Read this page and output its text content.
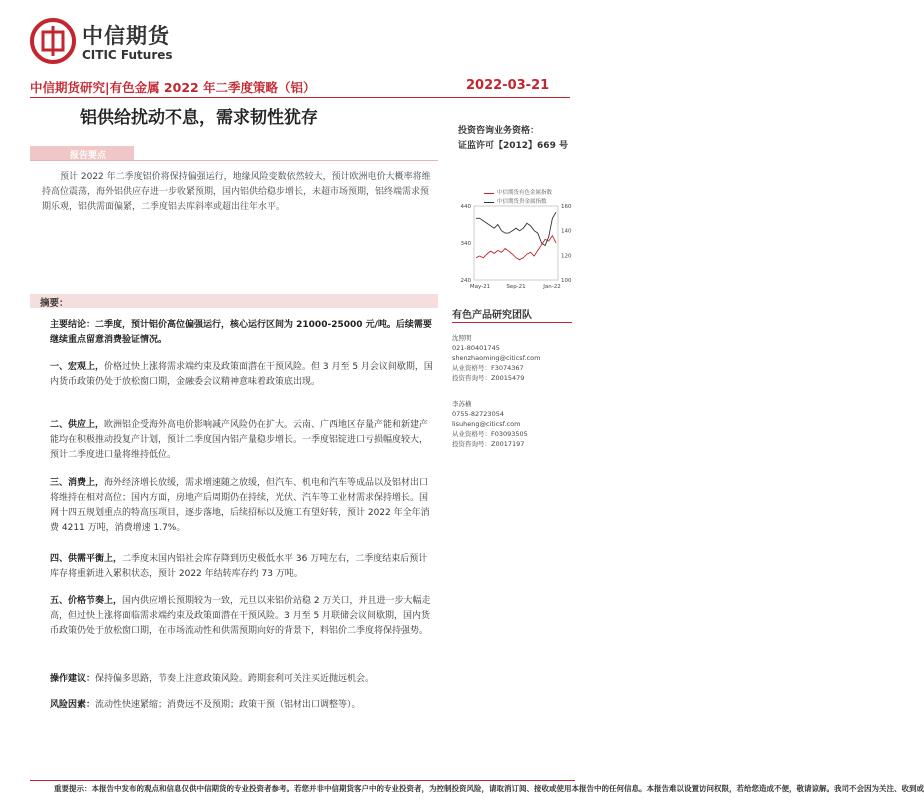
中信期货
CITIC Futures
中信期货研究|有色金属 2022 年二季度策略（铝）	2022-03-21
铝供给扰动不息，需求韧性犹存
投资咨询业务资格：
证监许可【2012】669 号
报告要点
预计 2022 年二季度铝价将保持偏强运行，地缘风险变数依然较大，预计欧洲电价大概率将维持高位震荡，海外铝供应存进一步收紧预期，国内铝供给稳步增长，未超市场预期，铝终端需求预期乐观，铝供需面偏紧，二季度铝去库斜率或超出往年水平。
240
340
440
100
120
140
160
May-21	Sep-21	Jan-22
中信期货有色金属指数
中信期货贵金属指数
有色产品研究团队
沈照明
021-80401745
shenzhaoming@citicsf.com
从业资格号：F3074367
投资咨询号：Z0015479
李苏横
0755-82723054
lisuheng@citicsf.com
从业资格号：F03093505
投资咨询号：Z0017197
摘要：
主要结论：二季度，预计铝价高位偏强运行，核心运行区间为 21000-25000 元/吨。后续需要继续重点留意消费验证情况。
一、宏观上，价格过快上涨将需求端约束及政策面潜在干预风险。但 3 月至 5 月会议间歇期，国内货币政策仍处于放松窗口期，金融委会议精神意味着政策底出现。
二、供应上，欧洲铝企受海外高电价影响减产风险仍在扩大。云南、广西地区存量产能和新建产能均在积极推动投复产计划，预计二季度国内铝产量稳步增长。一季度铝锭进口亏损幅度较大，预计二季度进口量将维持低位。
三、消费上，海外经济增长放缓，需求增速随之放缓，但汽车、机电和汽车等成品以及铝材出口将维持在相对高位；国内方面，房地产后周期仍在持续，光伏、汽车等工业材需求保持增长。国网十四五规划重点的特高压项目，逐步落地，后续招标以及施工有望好转，预计 2022 年全年消费 4211 万吨，消费增速 1.7%。
四、供需平衡上，二季度末国内铝社会库存降到历史极低水平 36 万吨左右，二季度结束后预计库存将重新进入累积状态，预计 2022 年结转库存约 73 万吨。
五、价格节奏上，国内供应增长预期较为一致，元旦以来铝价站稳 2 万关口，并且进一步大幅走高，但过快上涨将面临需求端约束及政策面潜在干预风险。3 月至 5 月联储会议间歇期，国内货币政策仍处于放松窗口期，在市场流动性和供需预期向好的背景下，料铝价二季度将保持强势。
操作建议：保持偏多思路，节奏上注意政策风险。跨期套利可关注买近抛远机会。
风险因素：流动性快速紧缩；消费远不及预期；政策干预（铝材出口调整等）。
重要提示：本报告中发布的观点和信息仅供中信期货的专业投资者参考。若您并非中信期货客户中的专业投资者，为控制投资风险，请取消订阅、接收或使用本报告中的任何信息。本报告难以设置访问权限，若给您造成不便，敬请谅解。我司不会因为关注、收到或
